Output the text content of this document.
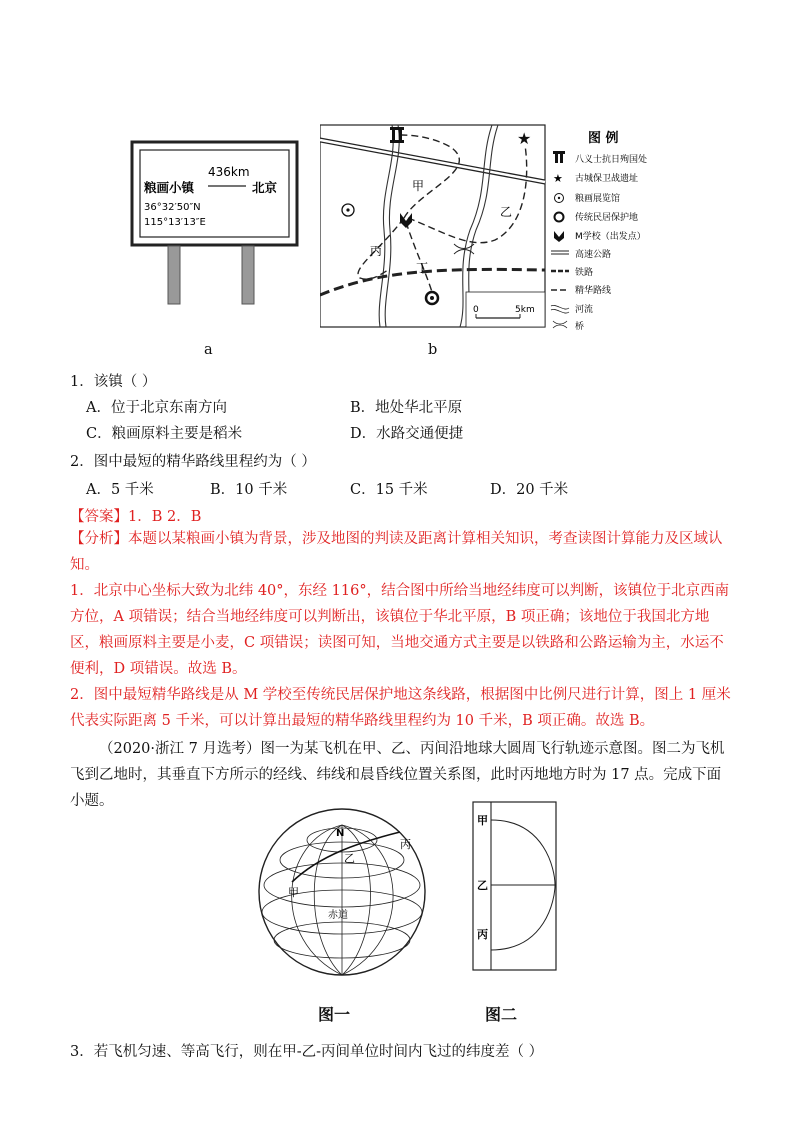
436km
粮画小镇	北京
36°32′50″N
115°13′13″E
a
★
甲
乙
丙
丁
0	5km
图 例
★
八义士抗日殉国处
古城保卫战遗址
粮画展览馆
传统民居保护地
M学校（出发点）
高速公路
铁路
精华路线
河流
桥
b
1．该镇（ ）
A．位于北京东南方向	B．地处华北平原
C．粮画原料主要是稻米	D．水路交通便捷
2．图中最短的精华路线里程约为（ ）
A．5 千米	B．10 千米	C．15 千米	D．20 千米
【答案】1．B 2．B
【分析】本题以某粮画小镇为背景，涉及地图的判读及距离计算相关知识，考查读图计算能力及区域认知。
1．北京中心坐标大致为北纬 40°，东经 116°，结合图中所给当地经纬度可以判断，该镇位于北京西南方位，A 项错误；结合当地经纬度可以判断出，该镇位于华北平原，B 项正确；该地位于我国北方地区，粮画原料主要是小麦，C 项错误；读图可知，当地交通方式主要是以铁路和公路运输为主，水运不便利，D 项错误。故选 B。
2．图中最短精华路线是从 M 学校至传统民居保护地这条线路，根据图中比例尺进行计算，图上 1 厘米代表实际距离 5 千米，可以计算出最短的精华路线里程约为 10 千米，B 项正确。故选 B。
（2020·浙江 7 月选考）图一为某飞机在甲、乙、丙间沿地球大圆周飞行轨迹示意图。图二为飞机飞到乙地时，其垂直下方所示的经线、纬线和晨昏线位置关系图，此时丙地地方时为 17 点。完成下面小题。
N
甲
乙
丙
赤道
图一
甲
乙
丙
图二
3．若飞机匀速、等高飞行，则在甲-乙-丙间单位时间内飞过的纬度差（ ）
